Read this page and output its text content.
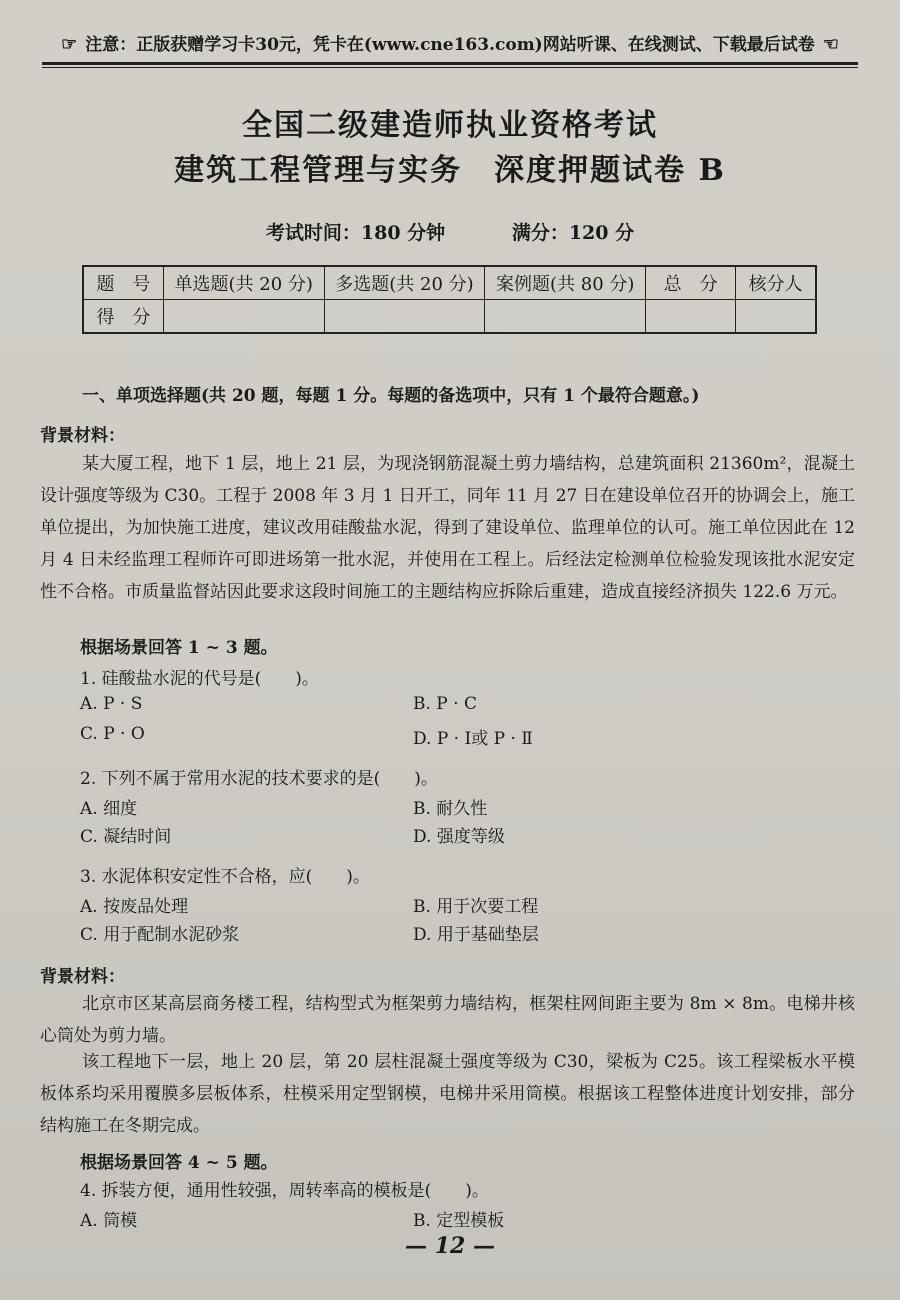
☞ 注意：正版获赠学习卡30元，凭卡在(www.cne163.com)网站听课、在线测试、下载最后试卷 ☜
全国二级建造师执业资格考试
建筑工程管理与实务　深度押题试卷 B
考试时间：180 分钟	满分：120 分
题　号	单选题(共 20 分)	多选题(共 20 分)	案例题(共 80 分)	总　分	核分人
得　分					
一、单项选择题(共 20 题，每题 1 分。每题的备选项中，只有 1 个最符合题意。)
背景材料：
某大厦工程，地下 1 层，地上 21 层，为现浇钢筋混凝土剪力墙结构，总建筑面积 21360m²，混凝土设计强度等级为 C30。工程于 2008 年 3 月 1 日开工，同年 11 月 27 日在建设单位召开的协调会上，施工单位提出，为加快施工进度，建议改用硅酸盐水泥，得到了建设单位、监理单位的认可。施工单位因此在 12 月 4 日未经监理工程师许可即进场第一批水泥，并使用在工程上。后经法定检测单位检验发现该批水泥安定性不合格。市质量监督站因此要求这段时间施工的主题结构应拆除后重建，造成直接经济损失 122.6 万元。
根据场景回答 1 ~ 3 题。
1. 硅酸盐水泥的代号是(　　)。
A. P · S	B. P · C
C. P · O	D. P · Ⅰ或 P · Ⅱ
2. 下列不属于常用水泥的技术要求的是(　　)。
A. 细度	B. 耐久性
C. 凝结时间	D. 强度等级
3. 水泥体积安定性不合格，应(　　)。
A. 按废品处理	B. 用于次要工程
C. 用于配制水泥砂浆	D. 用于基础垫层
背景材料：
北京市区某高层商务楼工程，结构型式为框架剪力墙结构，框架柱网间距主要为 8m × 8m。电梯井核心筒处为剪力墙。
该工程地下一层，地上 20 层，第 20 层柱混凝土强度等级为 C30，梁板为 C25。该工程梁板水平模板体系均采用覆膜多层板体系，柱模采用定型钢模，电梯井采用筒模。根据该工程整体进度计划安排，部分结构施工在冬期完成。
根据场景回答 4 ~ 5 题。
4. 拆装方便，通用性较强，周转率高的模板是(　　)。
A. 筒模	B. 定型模板
— 12 —
